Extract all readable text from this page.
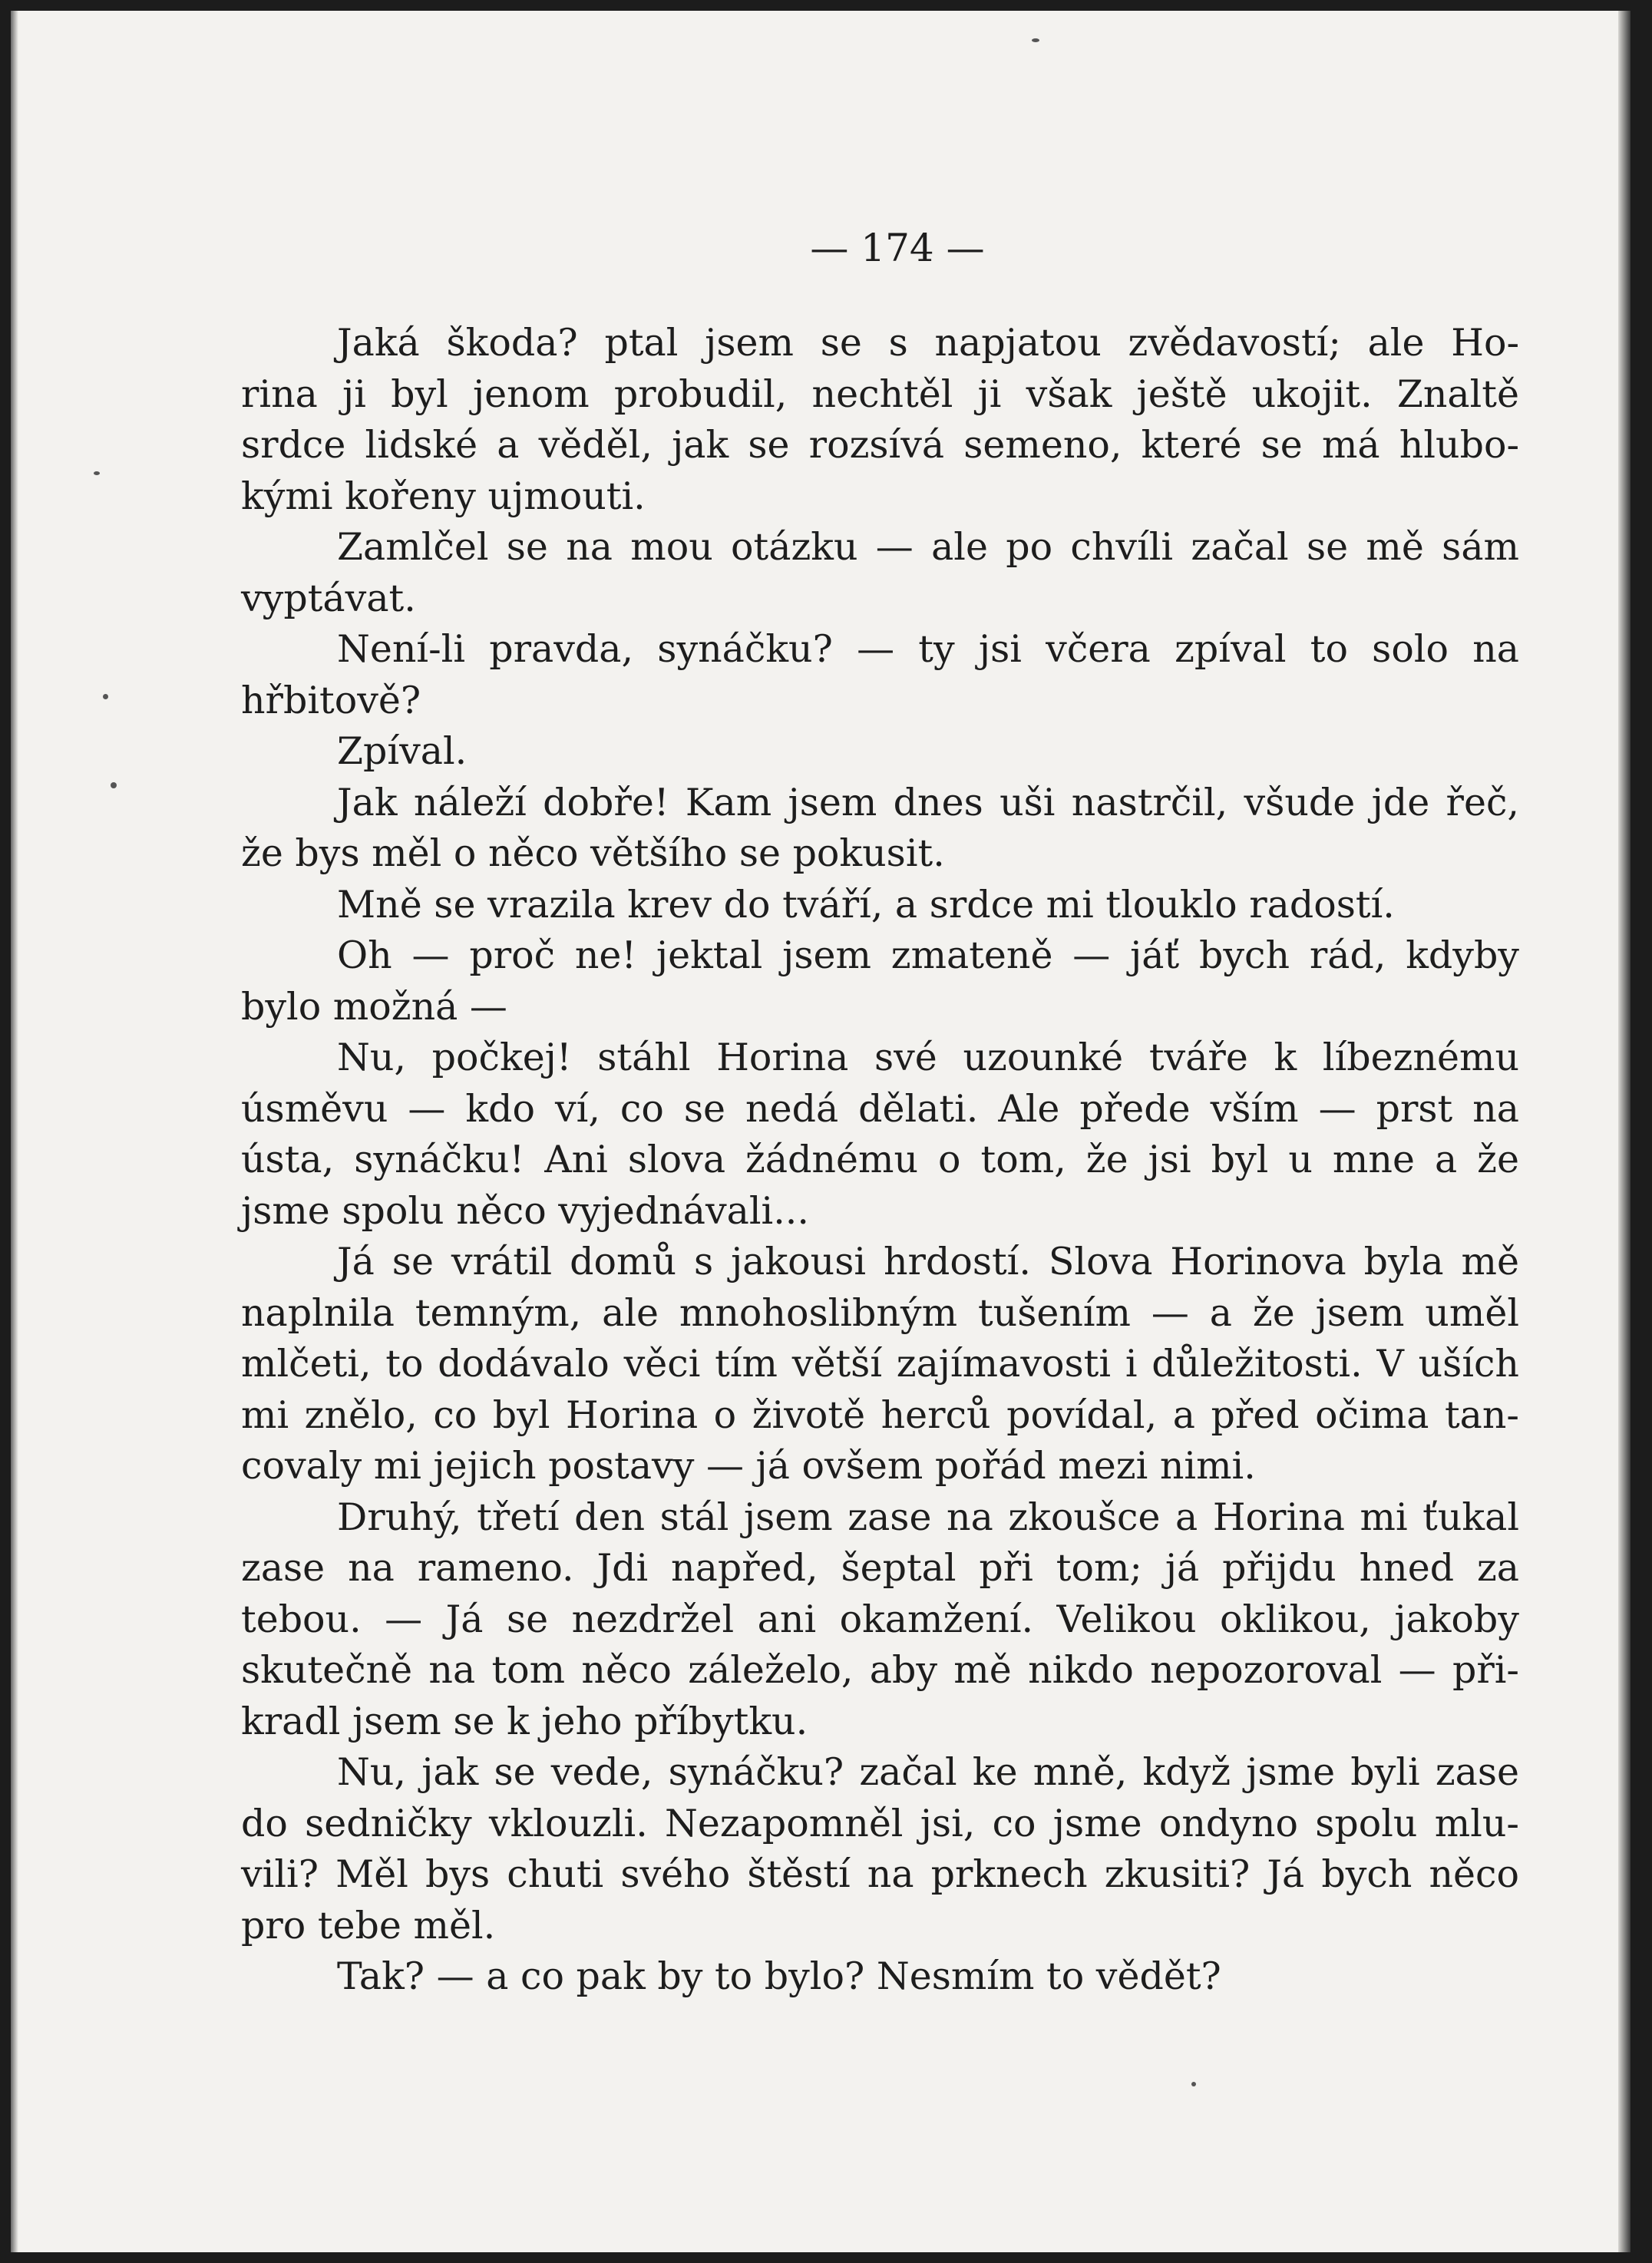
— 174 —
Jaká škoda? ptal jsem se s napjatou zvědavostí; ale Ho-
rina ji byl jenom probudil, nechtěl ji však ještě ukojit. Znaltě
srdce lidské a věděl, jak se rozsívá semeno, které se má hlubo-
kými kořeny ujmouti.
Zamlčel se na mou otázku — ale po chvíli začal se mě sám
vyptávat.
Není-li pravda, synáčku? — ty jsi včera zpíval to solo na
hřbitově?
Zpíval.
Jak náleží dobře! Kam jsem dnes uši nastrčil, všude jde řeč,
že bys měl o něco většího se pokusit.
Mně se vrazila krev do tváří, a srdce mi tlouklo radostí.
Oh — proč ne! jektal jsem zmateně — jáť bych rád, kdyby
bylo možná —
Nu, počkej! stáhl Horina své uzounké tváře k líbeznému
úsměvu — kdo ví, co se nedá dělati. Ale přede vším — prst na
ústa, synáčku! Ani slova žádnému o tom, že jsi byl u mne a že
jsme spolu něco vyjednávali...
Já se vrátil domů s jakousi hrdostí. Slova Horinova byla mě
naplnila temným, ale mnohoslibným tušením — a že jsem uměl
mlčeti, to dodávalo věci tím větší zajímavosti i důležitosti. V uších
mi znělo, co byl Horina o životě herců povídal, a před očima tan-
covaly mi jejich postavy — já ovšem pořád mezi nimi.
Druhý, třetí den stál jsem zase na zkoušce a Horina mi ťukal
zase na rameno. Jdi napřed, šeptal při tom; já přijdu hned za
tebou. — Já se nezdržel ani okamžení. Velikou oklikou, jakoby
skutečně na tom něco záleželo, aby mě nikdo nepozoroval — při-
kradl jsem se k jeho příbytku.
Nu, jak se vede, synáčku? začal ke mně, když jsme byli zase
do sedničky vklouzli. Nezapomněl jsi, co jsme ondyno spolu mlu-
vili? Měl bys chuti svého štěstí na prknech zkusiti? Já bych něco
pro tebe měl.
Tak? — a co pak by to bylo? Nesmím to vědět?
